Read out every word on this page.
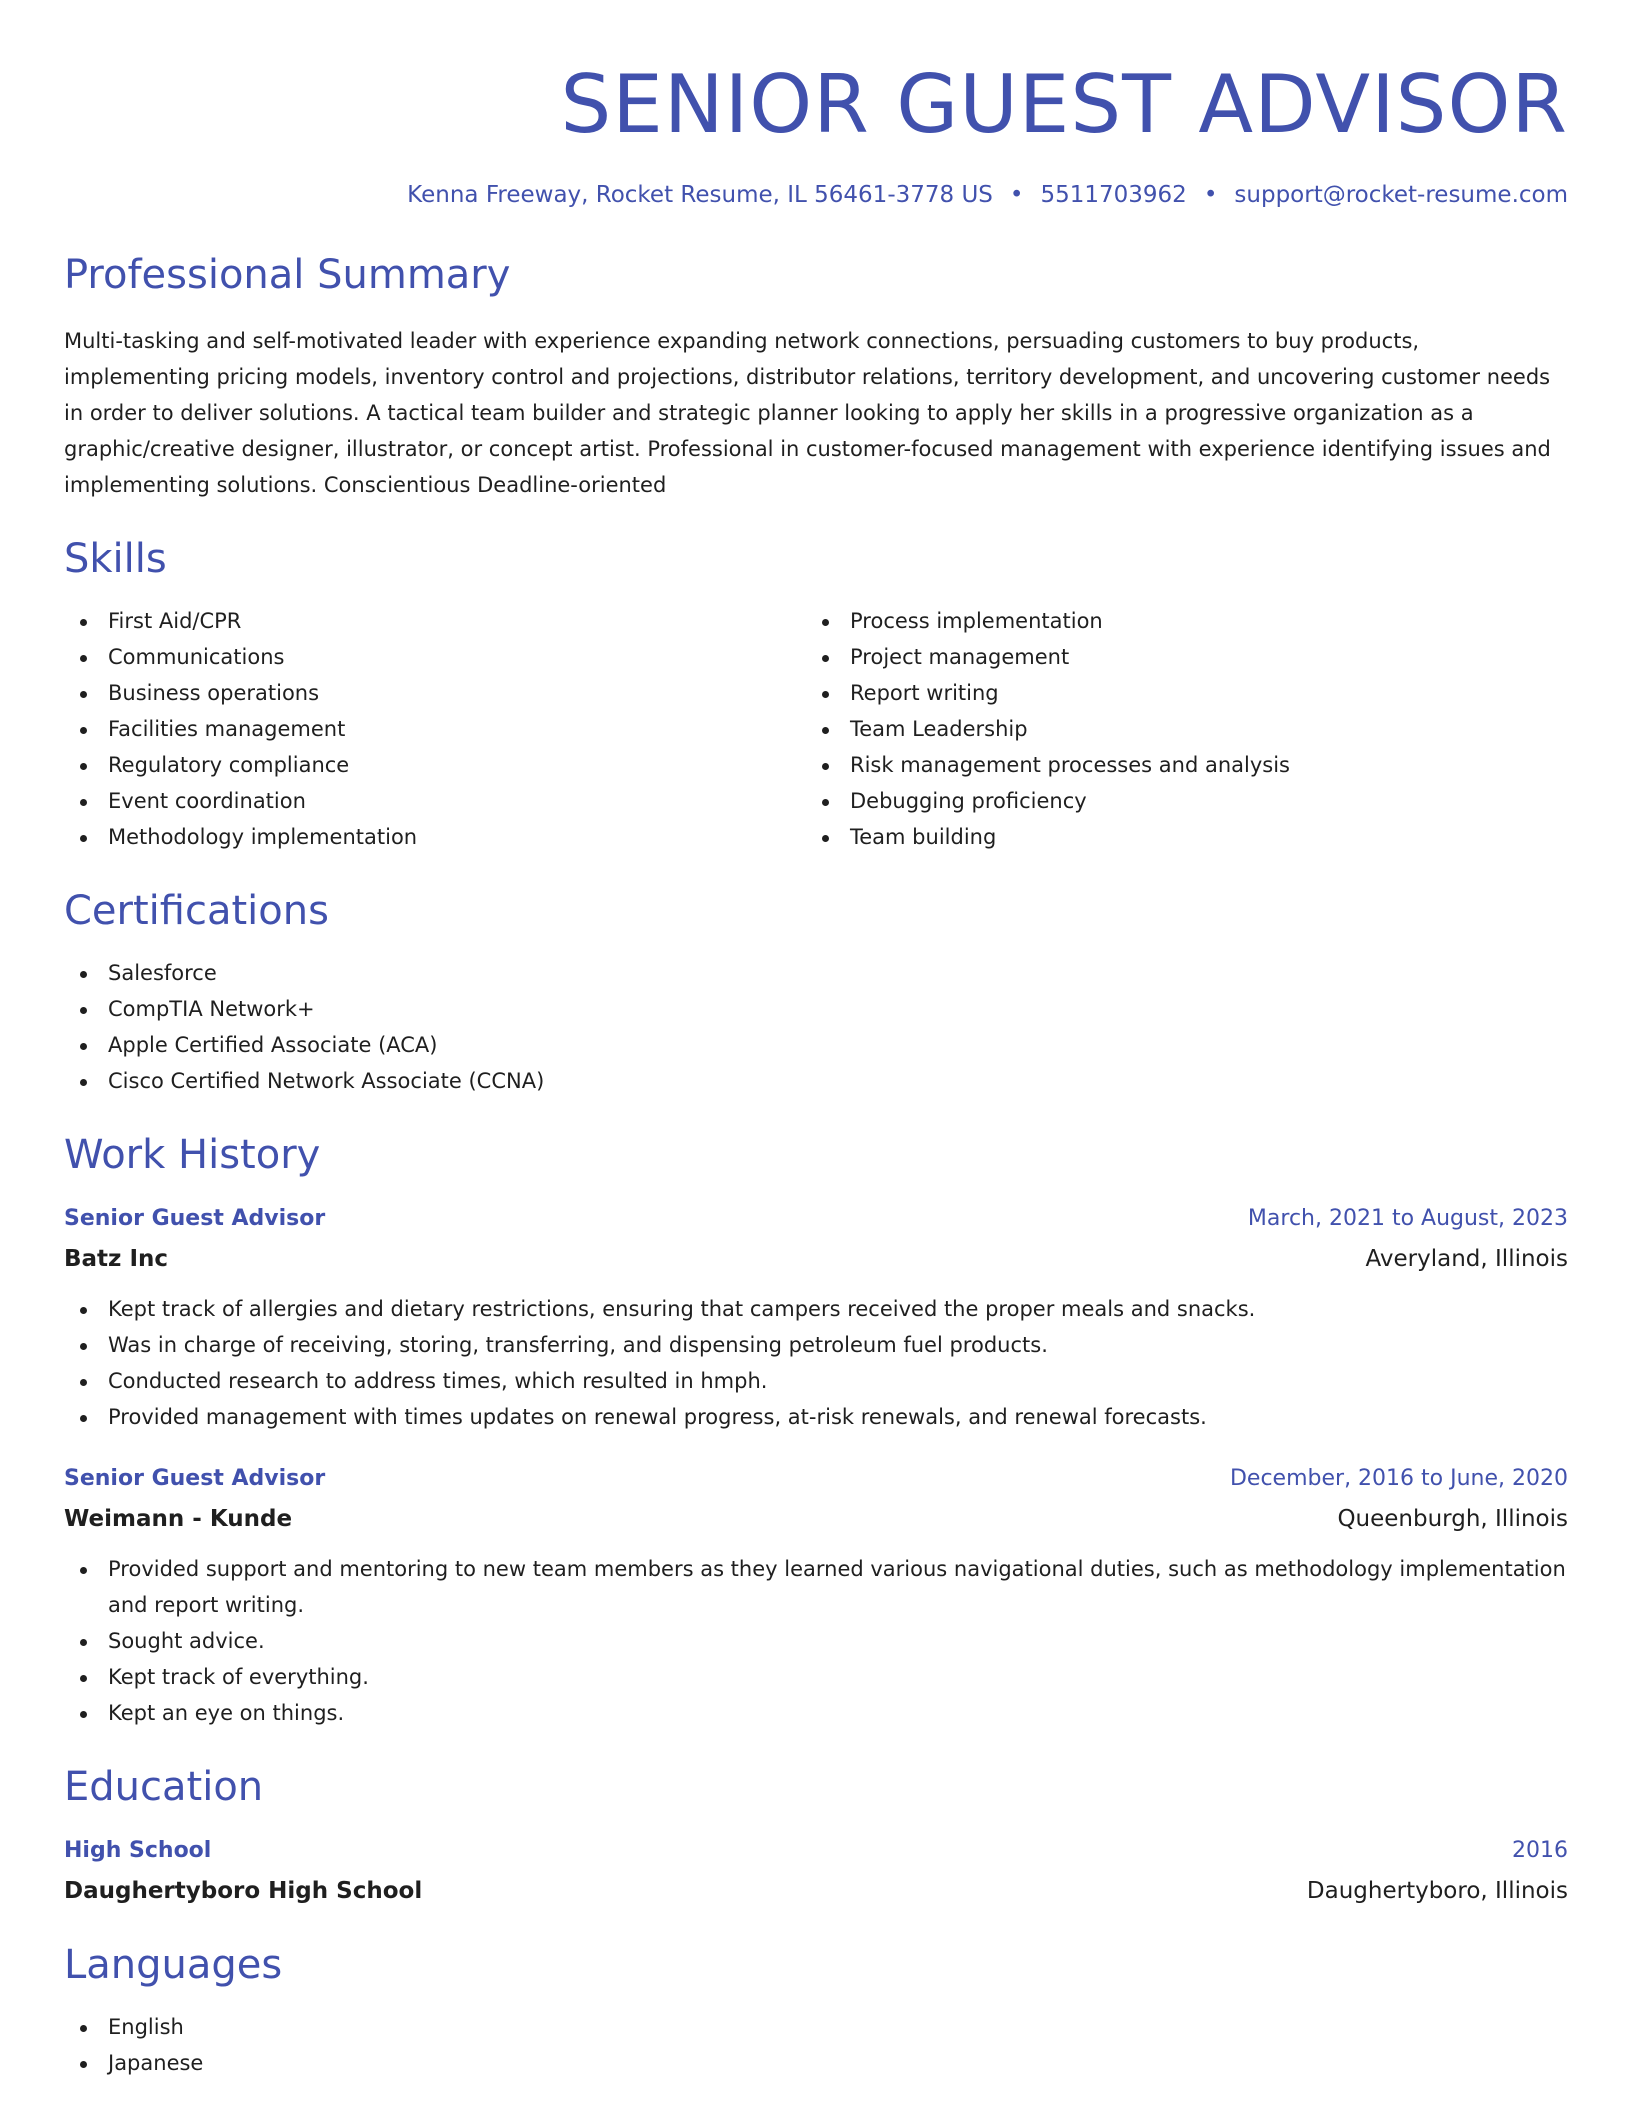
SENIOR GUEST ADVISOR
Kenna Freeway, Rocket Resume, IL 56461-3778 US • 5511703962 • support@rocket-resume.com
Professional Summary
Multi-tasking and self-motivated leader with experience expanding network connections, persuading customers to buy products, implementing pricing models, inventory control and projections, distributor relations, territory development, and uncovering customer needs in order to deliver solutions. A tactical team builder and strategic planner looking to apply her skills in a progressive organization as a graphic/creative designer, illustrator, or concept artist. Professional in customer-focused management with experience identifying issues and implementing solutions. Conscientious Deadline-oriented
Skills
First Aid/CPR
Communications
Business operations
Facilities management
Regulatory compliance
Event coordination
Methodology implementation
Process implementation
Project management
Report writing
Team Leadership
Risk management processes and analysis
Debugging proficiency
Team building
Certifications
Salesforce
CompTIA Network+
Apple Certified Associate (ACA)
Cisco Certified Network Associate (CCNA)
Work History
Senior Guest Advisor	March, 2021 to August, 2023
Batz Inc	Averyland, Illinois
Kept track of allergies and dietary restrictions, ensuring that campers received the proper meals and snacks.
Was in charge of receiving, storing, transferring, and dispensing petroleum fuel products.
Conducted research to address times, which resulted in hmph.
Provided management with times updates on renewal progress, at-risk renewals, and renewal forecasts.
Senior Guest Advisor	December, 2016 to June, 2020
Weimann - Kunde	Queenburgh, Illinois
Provided support and mentoring to new team members as they learned various navigational duties, such as methodology implementation and report writing.
Sought advice.
Kept track of everything.
Kept an eye on things.
Education
High School	2016
Daughertyboro High School	Daughertyboro, Illinois
Languages
English
Japanese
